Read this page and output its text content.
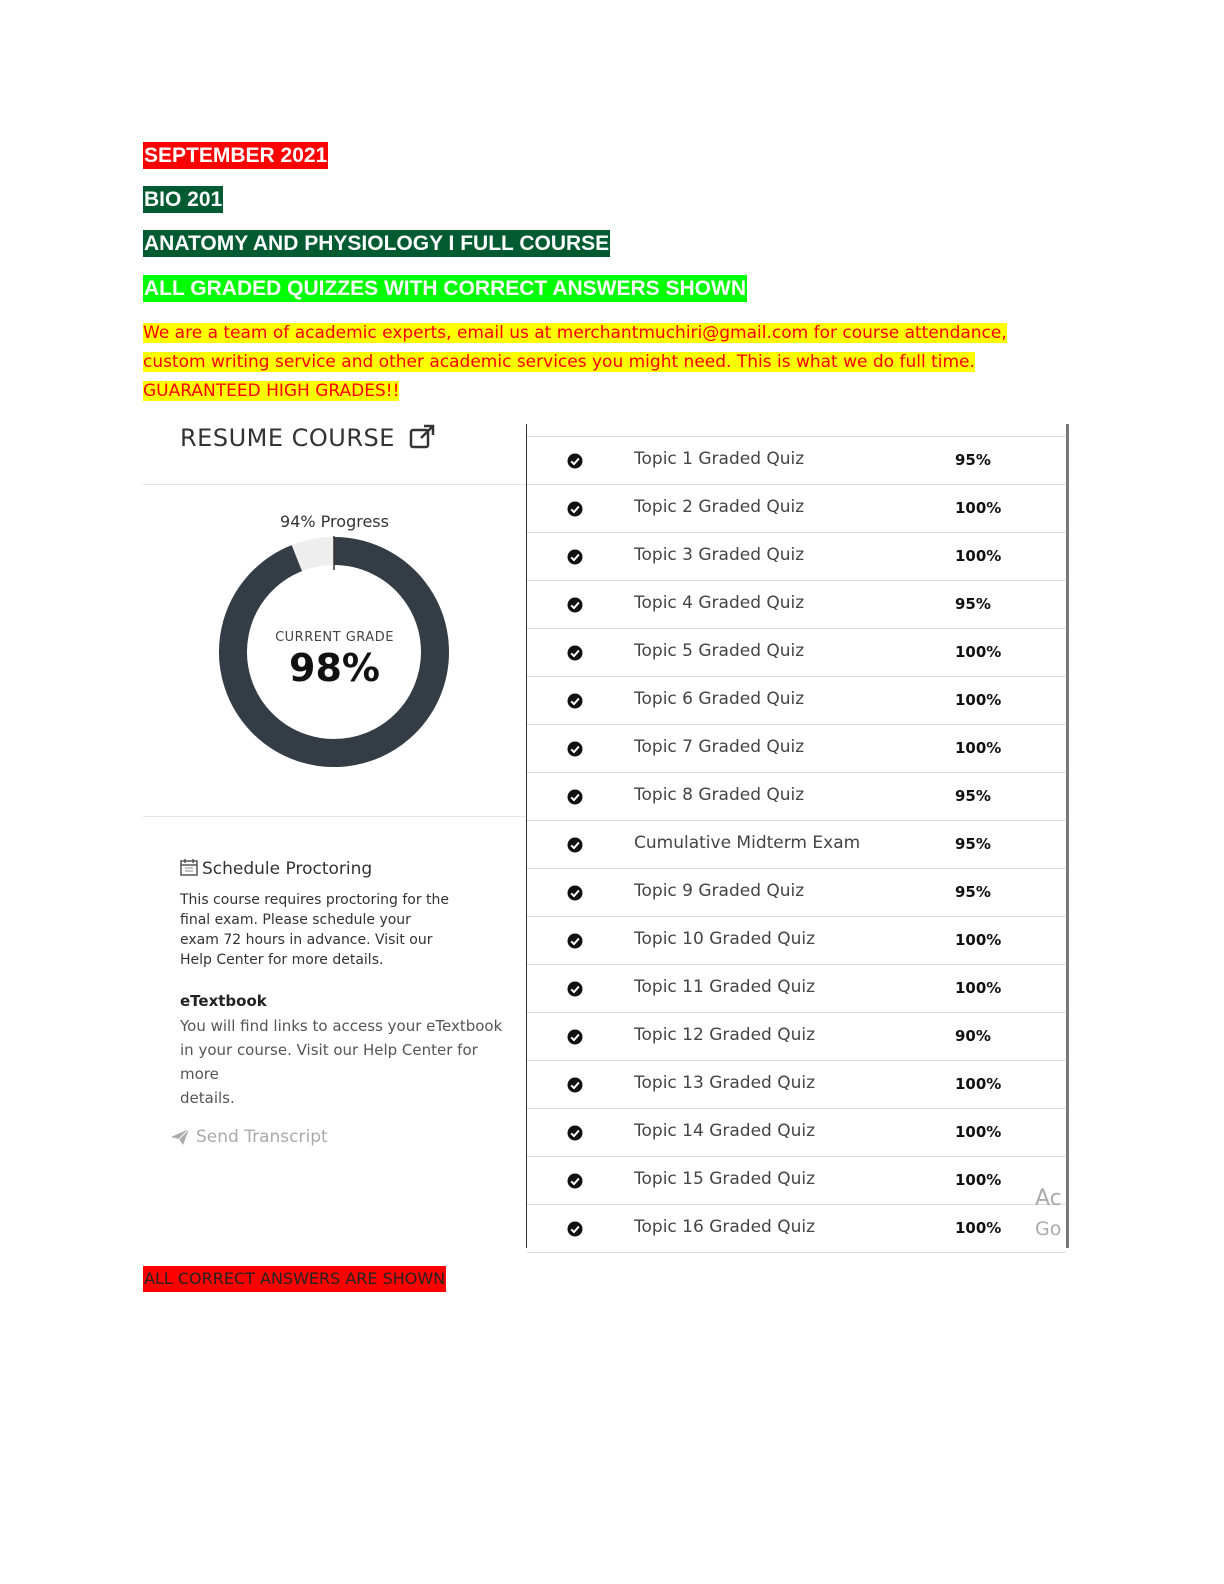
SEPTEMBER 2021
BIO 201
ANATOMY AND PHYSIOLOGY I FULL COURSE
ALL GRADED QUIZZES WITH CORRECT ANSWERS SHOWN
We are a team of academic experts, email us at merchantmuchiri@gmail.com for course attendance,
custom writing service and other academic services you might need. This is what we do full time.
GUARANTEED HIGH GRADES!!
RESUME COURSE
94% Progress
CURRENT GRADE
98%
Schedule Proctoring
This course requires proctoring for the
final exam. Please schedule your
exam 72 hours in advance. Visit our
Help Center for more details.
eTextbook
You will find links to access your eTextbook
in your course. Visit our Help Center for more
details.
Send Transcript
Topic 1 Graded Quiz	95%
Topic 2 Graded Quiz	100%
Topic 3 Graded Quiz	100%
Topic 4 Graded Quiz	95%
Topic 5 Graded Quiz	100%
Topic 6 Graded Quiz	100%
Topic 7 Graded Quiz	100%
Topic 8 Graded Quiz	95%
Cumulative Midterm Exam	95%
Topic 9 Graded Quiz	95%
Topic 10 Graded Quiz	100%
Topic 11 Graded Quiz	100%
Topic 12 Graded Quiz	90%
Topic 13 Graded Quiz	100%
Topic 14 Graded Quiz	100%
Topic 15 Graded Quiz	100%
Topic 16 Graded Quiz	100%
Ac
Go
ALL CORRECT ANSWERS ARE SHOWN
